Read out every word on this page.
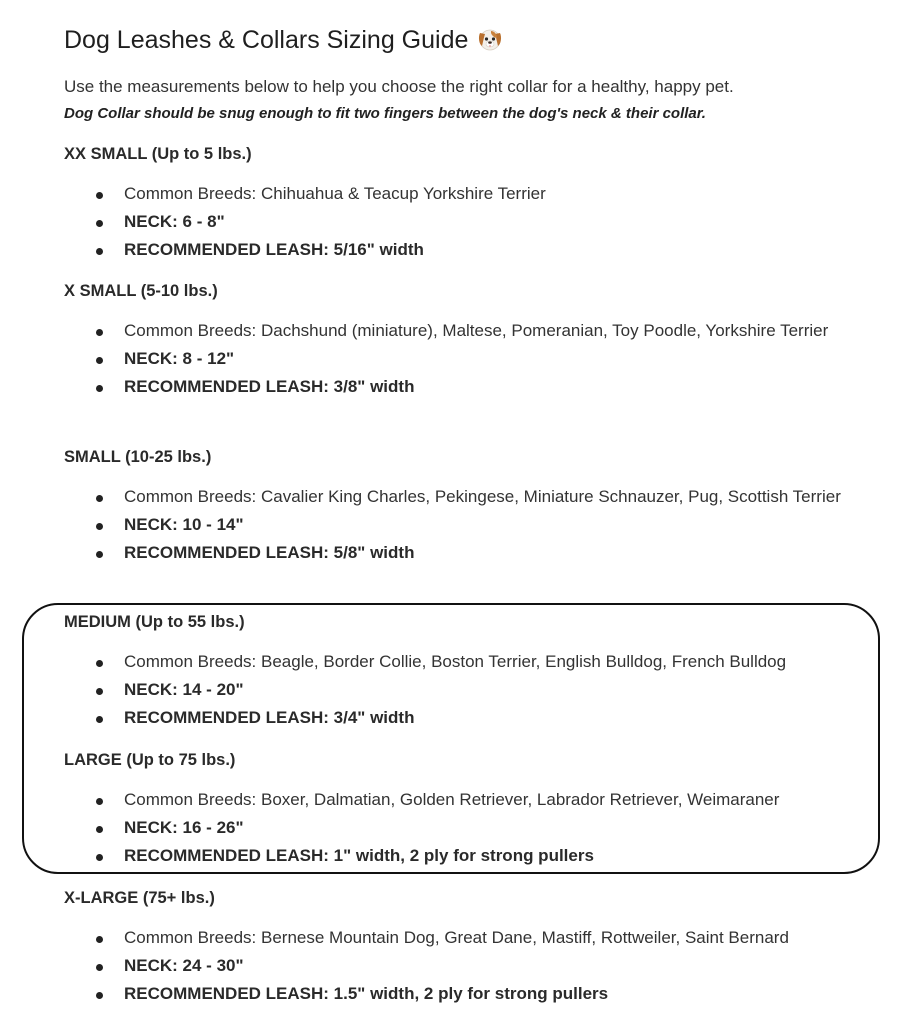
Dog Leashes & Collars Sizing Guide

Use the measurements below to help you choose the right collar for a healthy, happy pet.

Dog Collar should be snug enough to fit two fingers between the dog's neck & their collar.

XX SMALL (Up to 5 lbs.)

Common Breeds: Chihuahua & Teacup Yorkshire Terrier
NECK: 6 - 8"
RECOMMENDED LEASH: 5/16" width

X SMALL (5-10 lbs.)

Common Breeds: Dachshund (miniature), Maltese, Pomeranian, Toy Poodle, Yorkshire Terrier
NECK: 8 - 12"
RECOMMENDED LEASH: 3/8" width

SMALL (10-25 lbs.)

Common Breeds: Cavalier King Charles, Pekingese, Miniature Schnauzer, Pug, Scottish Terrier
NECK: 10 - 14"
RECOMMENDED LEASH: 5/8" width

MEDIUM (Up to 55 lbs.)

Common Breeds: Beagle, Border Collie, Boston Terrier, English Bulldog, French Bulldog
NECK: 14 - 20"
RECOMMENDED LEASH: 3/4" width

LARGE (Up to 75 lbs.)

Common Breeds: Boxer, Dalmatian, Golden Retriever, Labrador Retriever, Weimaraner
NECK: 16 - 26"
RECOMMENDED LEASH: 1" width, 2 ply for strong pullers

X-LARGE (75+ lbs.)

Common Breeds: Bernese Mountain Dog, Great Dane, Mastiff, Rottweiler, Saint Bernard
NECK: 24 - 30"
RECOMMENDED LEASH: 1.5" width, 2 ply for strong pullers
